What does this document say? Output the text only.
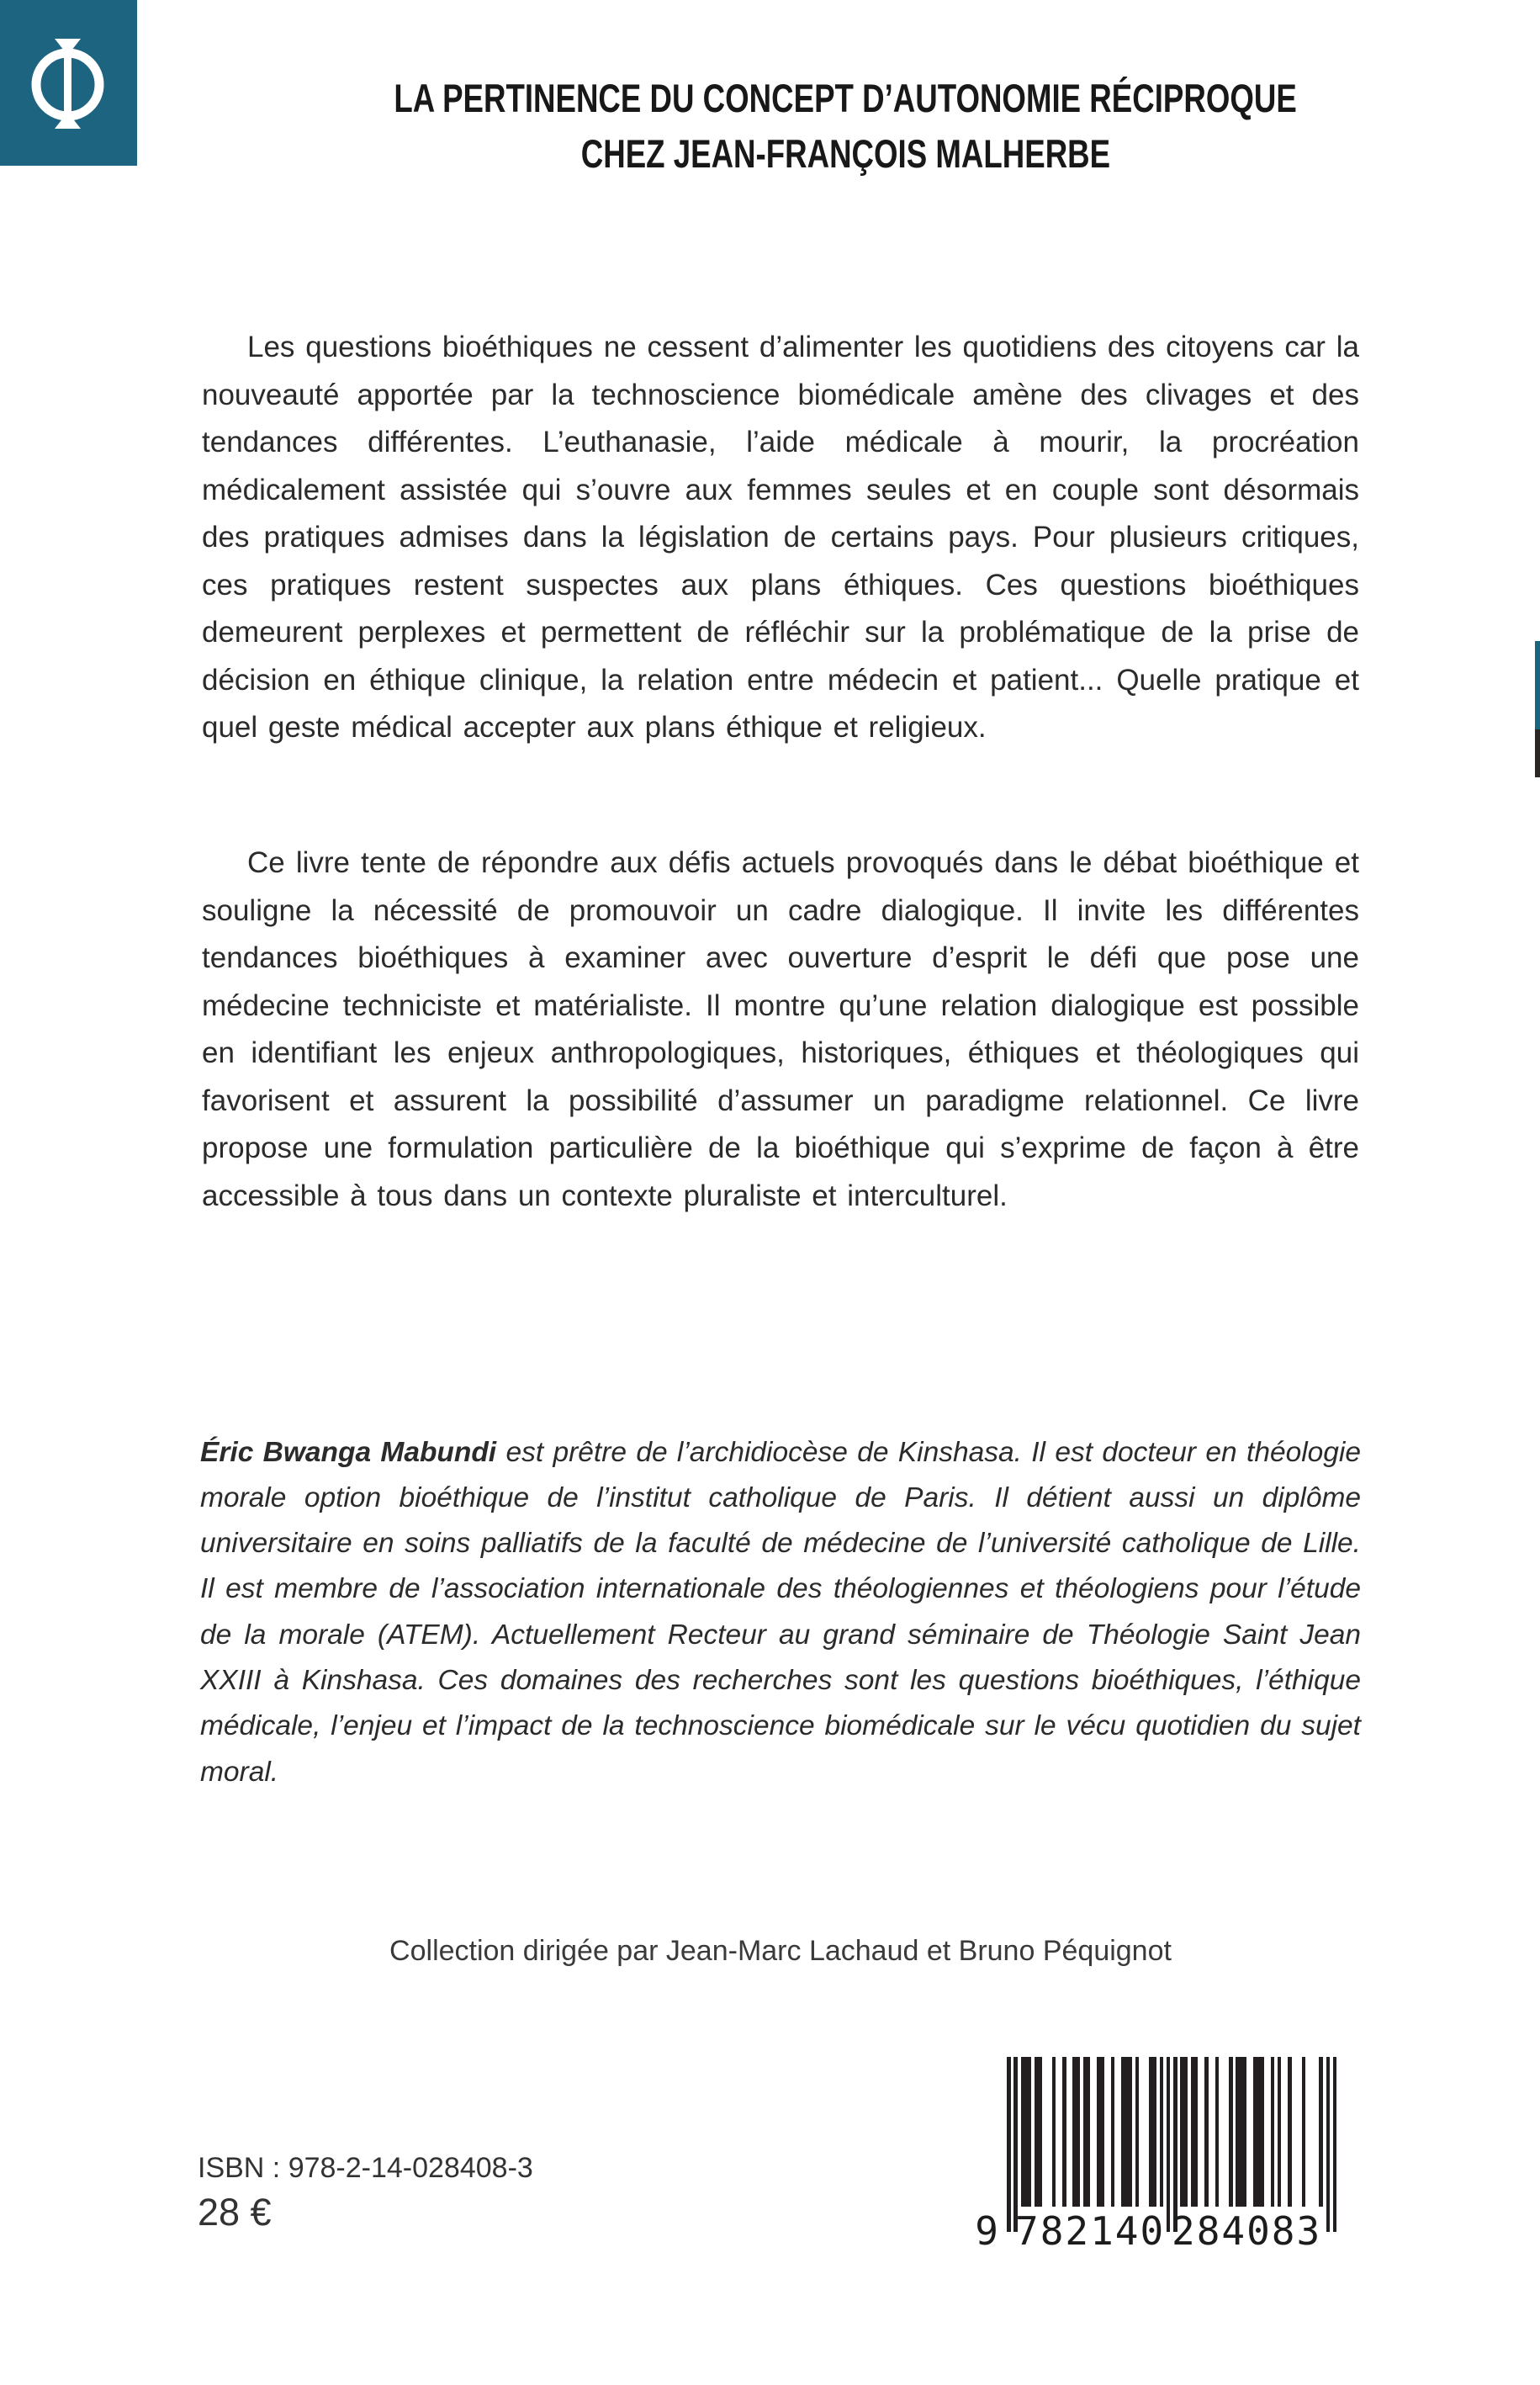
LA PERTINENCE DU CONCEPT D’AUTONOMIE RÉCIPROQUE
CHEZ JEAN-FRANÇOIS MALHERBE

Les questions bioéthiques ne cessent d’alimenter les quotidiens des citoyens car la nouveauté apportée par la technoscience biomédicale amène des clivages et des tendances différentes. L’euthanasie, l’aide médicale à mourir, la procréation médicalement assistée qui s’ouvre aux femmes seules et en couple sont désormais des pratiques admises dans la législation de certains pays. Pour plusieurs critiques, ces pratiques restent suspectes aux plans éthiques. Ces questions bioéthiques demeurent perplexes et permettent de réfléchir sur la problématique de la prise de décision en éthique clinique, la relation entre médecin et patient... Quelle pratique et quel geste médical accepter aux plans éthique et religieux.

Ce livre tente de répondre aux défis actuels provoqués dans le débat bioéthique et souligne la nécessité de promouvoir un cadre dialogique. Il invite les différentes tendances bioéthiques à examiner avec ouverture d’esprit le défi que pose une médecine techniciste et matérialiste. Il montre qu’une relation dialogique est possible en identifiant les enjeux anthropologiques, historiques, éthiques et théologiques qui favorisent et assurent la possibilité d’assumer un paradigme relationnel. Ce livre propose une formulation particulière de la bioéthique qui s’exprime de façon à être accessible à tous dans un contexte pluraliste et interculturel.

Éric Bwanga Mabundi est prêtre de l’archidiocèse de Kinshasa. Il est docteur en théologie morale option bioéthique de l’institut catholique de Paris. Il détient aussi un diplôme universitaire en soins palliatifs de la faculté de médecine de l’université catholique de Lille. Il est membre de l’association internationale des théologiennes et théologiens pour l’étude de la morale (ATEM). Actuellement Recteur au grand séminaire de Théologie Saint Jean XXIII à Kinshasa. Ces domaines des recherches sont les questions bioéthiques, l’éthique médicale, l’enjeu et l’impact de la technoscience biomédicale sur le vécu quotidien du sujet moral.

Collection dirigée par Jean-Marc Lachaud et Bruno Péquignot
ISBN : 978-2-14-028408-3
28 €	9 782140 284083
